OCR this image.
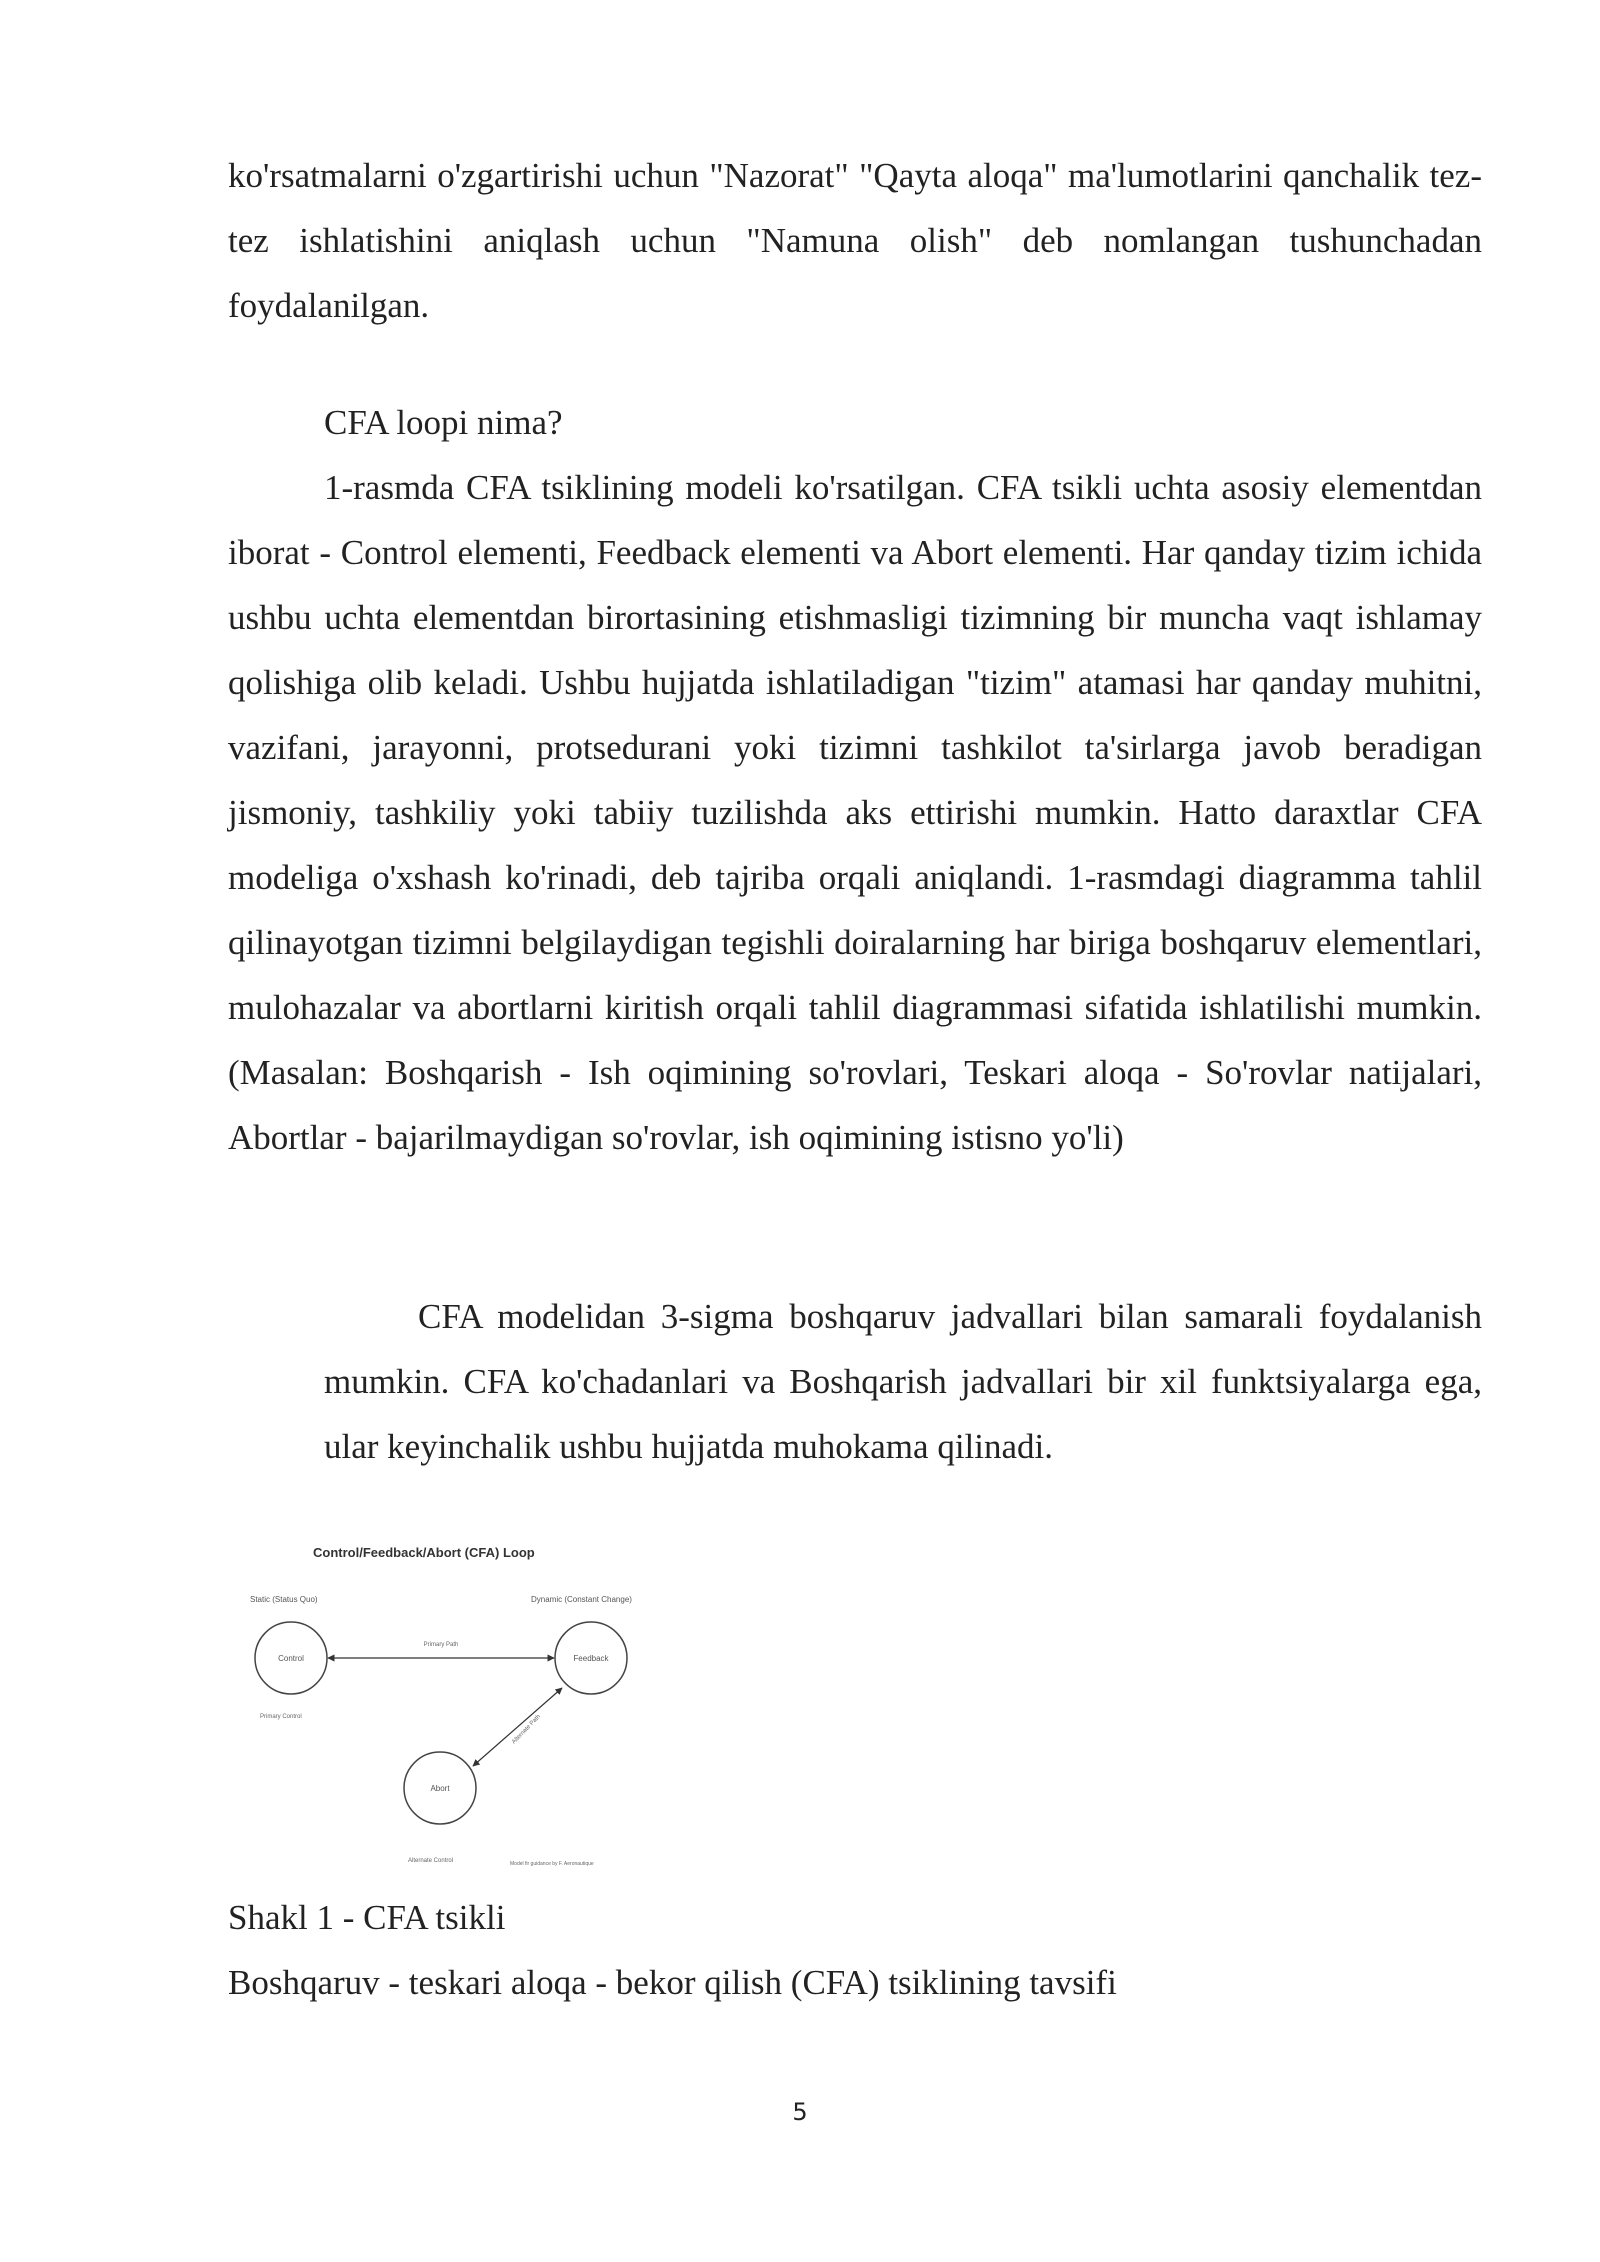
ko'rsatmalarni o'zgartirishi uchun "Nazorat" "Qayta aloqa" ma'lumotlarini qanchalik tez-tez ishlatishini aniqlash uchun "Namuna olish" deb nomlangan tushunchadan foydalanilgan.

CFA loopi nima?

1-rasmda CFA tsiklining modeli ko'rsatilgan. CFA tsikli uchta asosiy elementdan iborat - Control elementi, Feedback elementi va Abort elementi. Har qanday tizim ichida ushbu uchta elementdan birortasining etishmasligi tizimning bir muncha vaqt ishlamay qolishiga olib keladi. Ushbu hujjatda ishlatiladigan "tizim" atamasi har qanday muhitni, vazifani, jarayonni, protsedurani yoki tizimni tashkilot ta'sirlarga javob beradigan jismoniy, tashkiliy yoki tabiiy tuzilishda aks ettirishi mumkin. Hatto daraxtlar CFA modeliga o'xshash ko'rinadi, deb tajriba orqali aniqlandi. 1-rasmdagi diagramma tahlil qilinayotgan tizimni belgilaydigan tegishli doiralarning har biriga boshqaruv elementlari, mulohazalar va abortlarni kiritish orqali tahlil diagrammasi sifatida ishlatilishi mumkin. (Masalan: Boshqarish - Ish oqimining so'rovlari, Teskari aloqa - So'rovlar natijalari, Abortlar - bajarilmaydigan so'rovlar, ish oqimining istisno yo'li)

CFA modelidan 3-sigma boshqaruv jadvallari bilan samarali foydalanish mumkin. CFA ko'chadanlari va Boshqarish jadvallari bir xil funktsiyalarga ega, ular keyinchalik ushbu hujjatda muhokama qilinadi.

Control/Feedback/Abort (CFA) Loop
Static (Status Quo)	Dynamic (Constant Change)
Control	Feedback
Abort
Primary Path
Alternate Path
Primary Control
Alternate Control	Model fir guidance by F. Aeronautique

Shakl 1 - CFA tsikli

Boshqaruv - teskari aloqa - bekor qilish (CFA) tsiklining tavsifi

5
